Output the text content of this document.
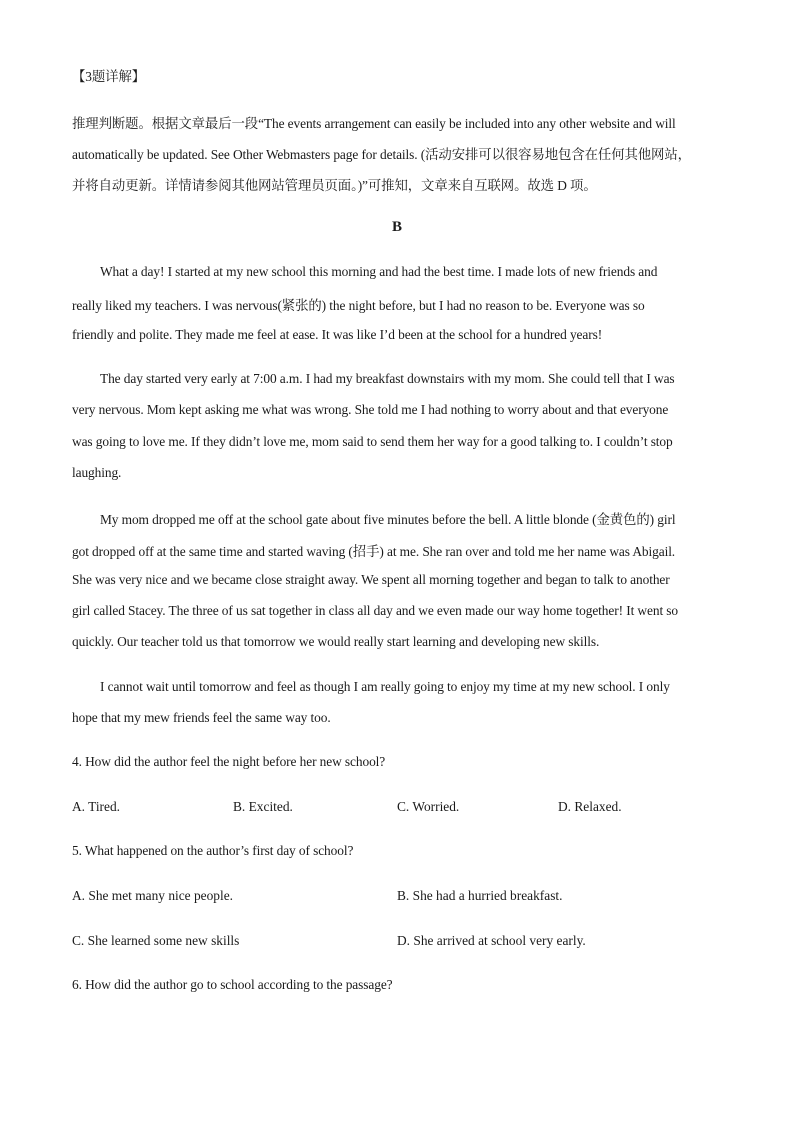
【3题详解】
推理判断题。根据文章最后一段“The events arrangement can easily be included into any other website and will
automatically be updated. See Other Webmasters page for details. (活动安排可以很容易地包含在任何其他网站，
并将自动更新。详情请参阅其他网站管理员页面。)”可推知，文章来自互联网。故选 D 项。
B
What a day! I started at my new school this morning and had the best time. I made lots of new friends and
really liked my teachers. I was nervous(紧张的) the night before, but I had no reason to be. Everyone was so
friendly and polite. They made me feel at ease. It was like I’d been at the school for a hundred years!
The day started very early at 7:00 a.m. I had my breakfast downstairs with my mom. She could tell that I was
very nervous. Mom kept asking me what was wrong. She told me I had nothing to worry about and that everyone
was going to love me. If they didn’t love me, mom said to send them her way for a good talking to. I couldn’t stop
laughing.
My mom dropped me off at the school gate about five minutes before the bell. A little blonde (金黄色的) girl
got dropped off at the same time and started waving (招手) at me. She ran over and told me her name was Abigail.
She was very nice and we became close straight away. We spent all morning together and began to talk to another
girl called Stacey. The three of us sat together in class all day and we even made our way home together! It went so
quickly. Our teacher told us that tomorrow we would really start learning and developing new skills.
I cannot wait until tomorrow and feel as though I am really going to enjoy my time at my new school. I only
hope that my mew friends feel the same way too.
4. How did the author feel the night before her new school?
A. Tired.	B. Excited.	C. Worried.	D. Relaxed.
5. What happened on the author’s first day of school?
A. She met many nice people.	B. She had a hurried breakfast.
C. She learned some new skills	D. She arrived at school very early.
6. How did the author go to school according to the passage?
